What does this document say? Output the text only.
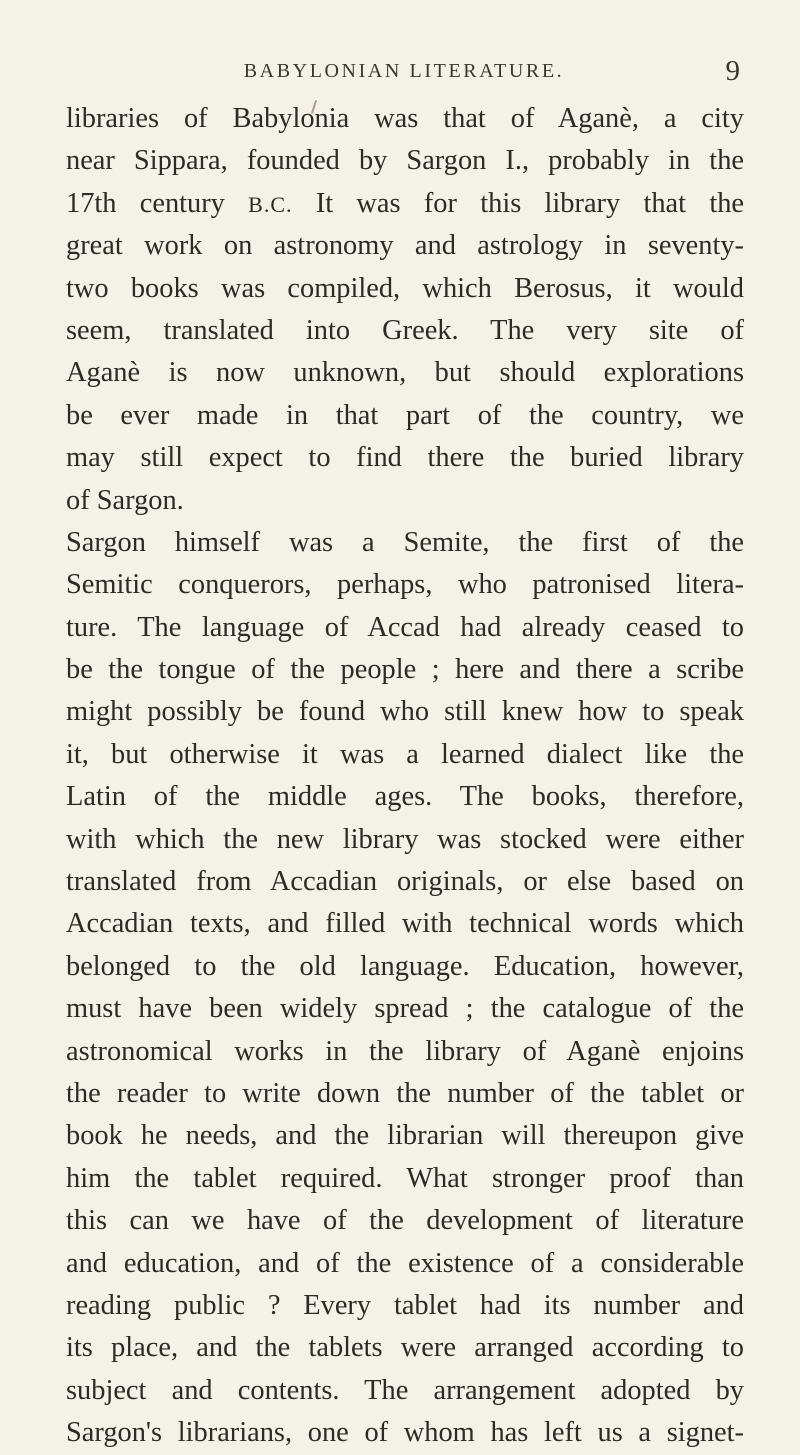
BABYLONIAN LITERATURE.	9
libraries of Babylonia was that of Aganè, a city
near Sippara, founded by Sargon I., probably in the
17th century B.C. It was for this library that the
great work on astronomy and astrology in seventy-
two books was compiled, which Berosus, it would
seem, translated into Greek. The very site of
Aganè is now unknown, but should explorations
be ever made in that part of the country, we
may still expect to find there the buried library
of Sargon.
Sargon himself was a Semite, the first of the
Semitic conquerors, perhaps, who patronised litera-
ture. The language of Accad had already ceased to
be the tongue of the people ; here and there a scribe
might possibly be found who still knew how to speak
it, but otherwise it was a learned dialect like the
Latin of the middle ages. The books, therefore,
with which the new library was stocked were either
translated from Accadian originals, or else based on
Accadian texts, and filled with technical words which
belonged to the old language. Education, however,
must have been widely spread ; the catalogue of the
astronomical works in the library of Aganè enjoins
the reader to write down the number of the tablet or
book he needs, and the librarian will thereupon give
him the tablet required. What stronger proof than
this can we have of the development of literature
and education, and of the existence of a considerable
reading public ? Every tablet had its number and
its place, and the tablets were arranged according to
subject and contents. The arrangement adopted by
Sargon's librarians, one of whom has left us a signet-
